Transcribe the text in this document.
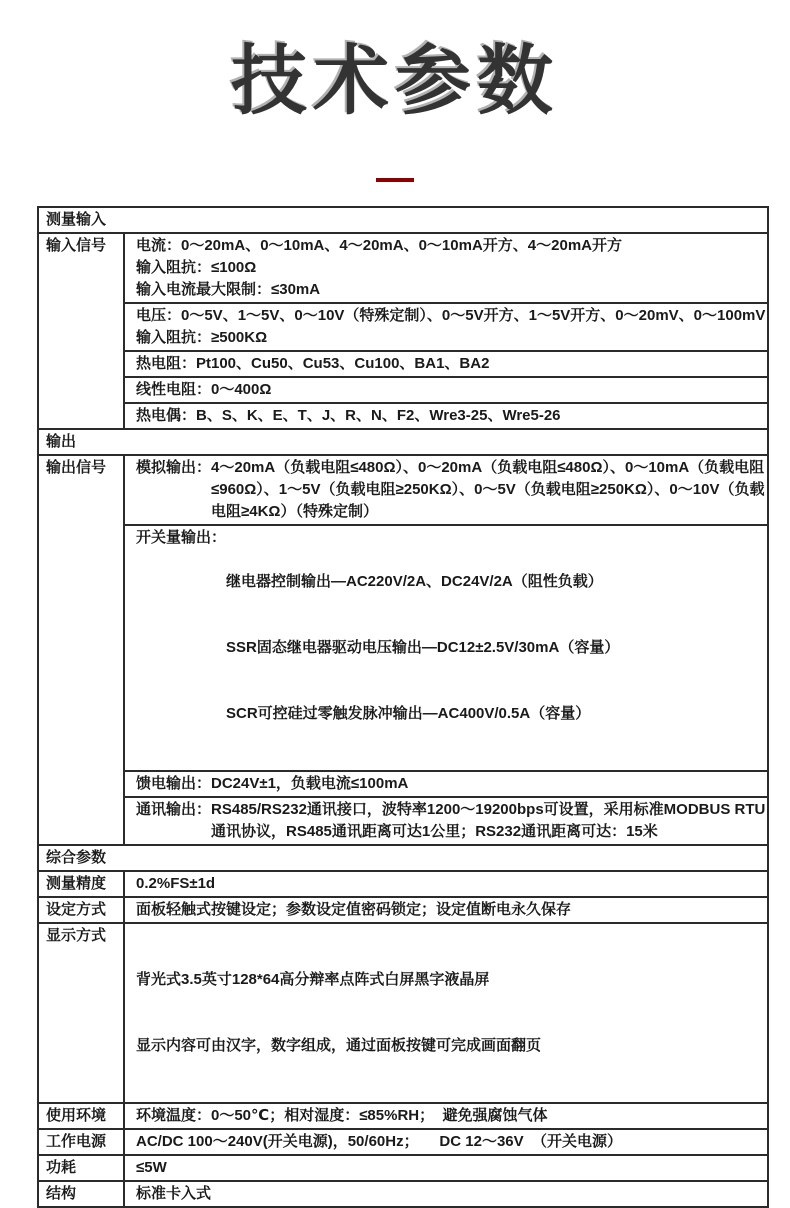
技术参数
测量输入
输入信号	电流：0～20mA、0～10mA、4～20mA、0～10mA开方、4～20mA开方
输入阻抗：≤100Ω
输入电流最大限制：≤30mA
电压：0～5V、1～5V、0～10V（特殊定制）、0～5V开方、1～5V开方、0～20mV、0～100mV
输入阻抗：≥500KΩ
热电阻：Pt100、Cu50、Cu53、Cu100、BA1、BA2
线性电阻：0～400Ω
热电偶：B、S、K、E、T、J、R、N、F2、Wre3-25、Wre5-26
输出
输出信号	模拟输出： 4～20mA（负载电阻≤480Ω）、0～20mA（负载电阻≤480Ω）、0～10mA（负载电阻≤960Ω）、1～5V（负载电阻≥250KΩ）、0～5V（负载电阻≥250KΩ）、0～10V（负载电阻≥4KΩ）（特殊定制）
开关量输出：

继电器控制输出—AC220V/2A、DC24V/2A（阻性负载）

SSR固态继电器驱动电压输出—DC12±2.5V/30mA（容量）

SCR可控硅过零触发脉冲输出—AC400V/0.5A（容量）

馈电输出：DC24V±1，负载电流≤100mA
通讯输出： RS485/RS232通讯接口，波特率1200～19200bps可设置，采用标准MODBUS RTU 通讯协议，RS485通讯距离可达1公里；RS232通讯距离可达：15米
综合参数
测量精度	0.2%FS±1d
设定方式	面板轻触式按键设定；参数设定值密码锁定；设定值断电永久保存
显示方式

背光式3.5英寸128*64高分辩率点阵式白屏黑字液晶屏

显示内容可由汉字，数字组成，通过面板按键可完成画面翻页

使用环境	环境温度：0～50℃；相对湿度：≤85%RH；  避免强腐蚀气体
工作电源	AC/DC 100～240V(开关电源)，50/60Hz；     DC 12～36V  （开关电源）
功耗	≤5W
结构	标准卡入式
